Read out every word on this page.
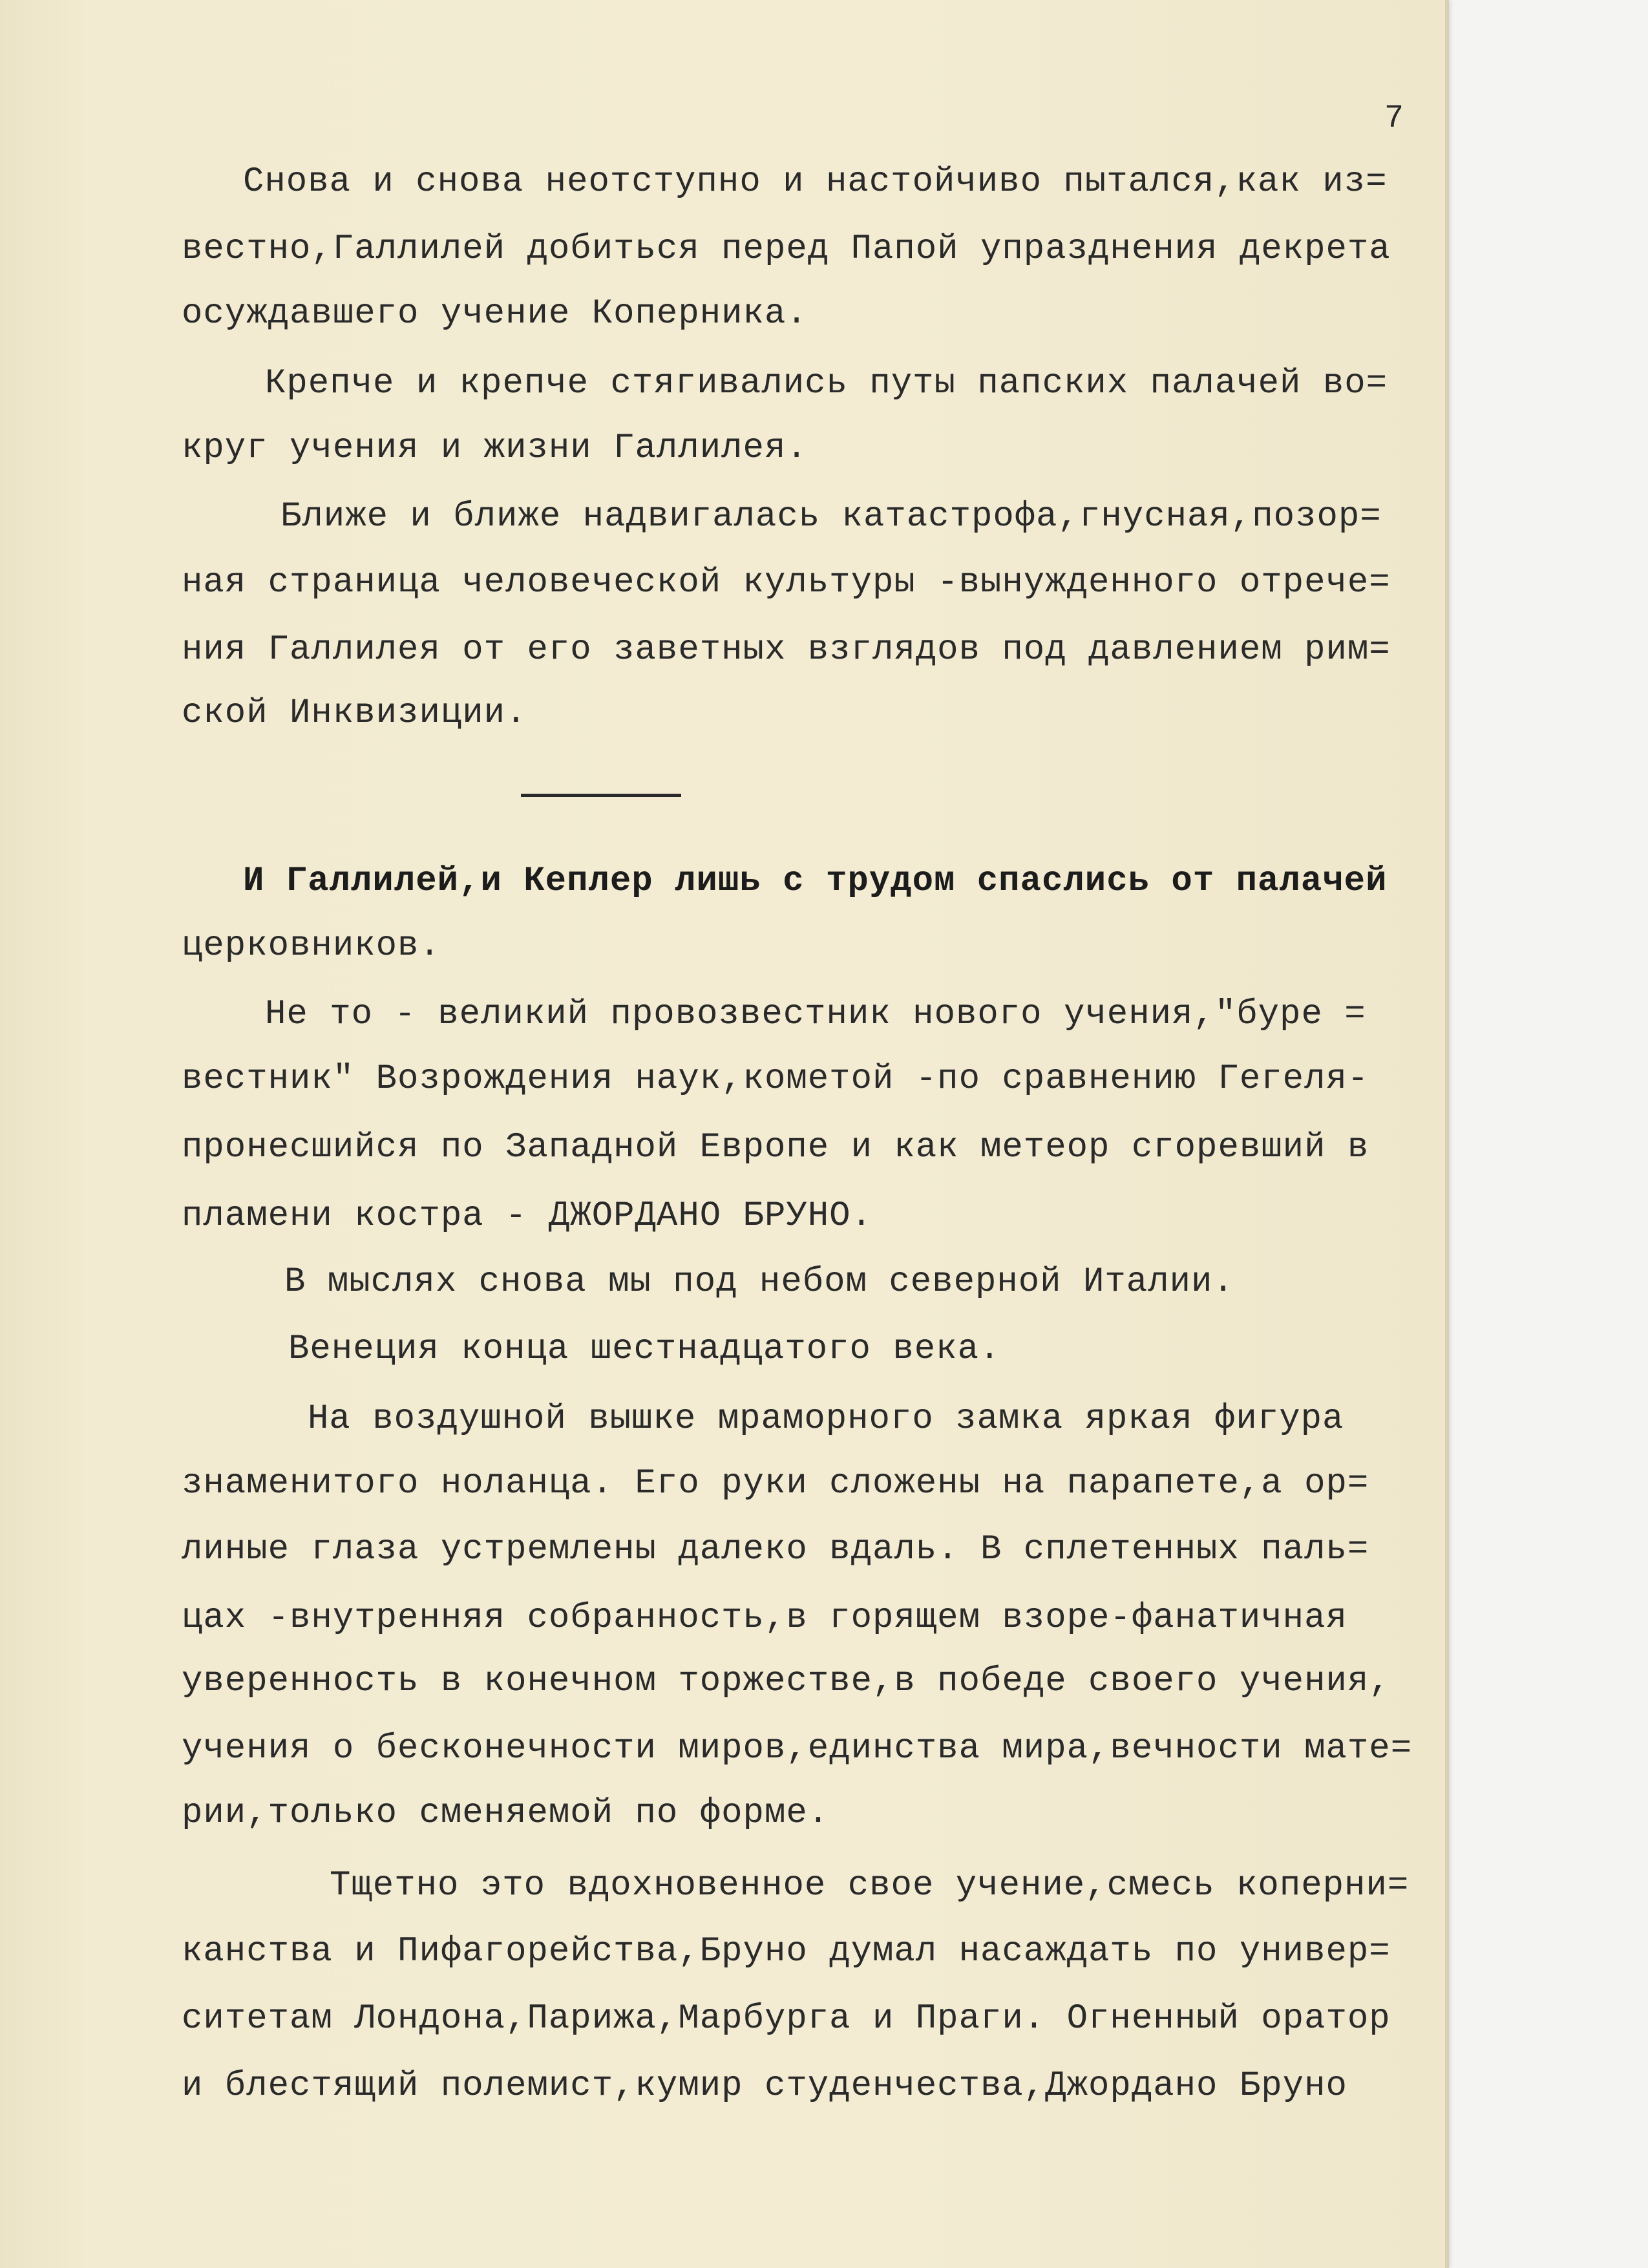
7
Снова и снова неотступно и настойчиво пытался,как из=
вестно,Галлилей добиться перед Папой упразднения декрета
осуждавшего учение Коперника.
Крепче и крепче стягивались путы папских палачей во=
круг учения и жизни Галлилея.
Ближе и ближе надвигалась катастрофа,гнусная,позор=
ная страница человеческой культуры -вынужденного отрече=
ния Галлилея от его заветных взглядов под давлением рим=
ской Инквизиции.
И Галлилей,и Кеплер лишь с трудом спаслись от палачей
церковников.
Не то - великий провозвестник нового учения,"буре =
вестник" Возрождения наук,кометой -по сравнению Гегеля-
пронесшийся по Западной Европе и как метеор сгоревший в
пламени костра - ДЖОРДАНО БРУНО.
В мыслях снова мы под небом северной Италии.
Венеция конца шестнадцатого века.
На воздушной вышке мраморного замка яркая фигура
знаменитого ноланца. Его руки сложены на парапете,а ор=
линые глаза устремлены далеко вдаль. В сплетенных паль=
цах -внутренняя собранность,в горящем взоре-фанатичная
уверенность в конечном торжестве,в победе своего учения,
учения о бесконечности миров,единства мира,вечности мате=
рии,только сменяемой по форме.
Тщетно это вдохновенное свое учение,смесь коперни=
канства и Пифагорейства,Бруно думал насаждать по универ=
ситетам Лондона,Парижа,Марбурга и Праги. Огненный оратор
и блестящий полемист,кумир студенчества,Джордано Бруно
